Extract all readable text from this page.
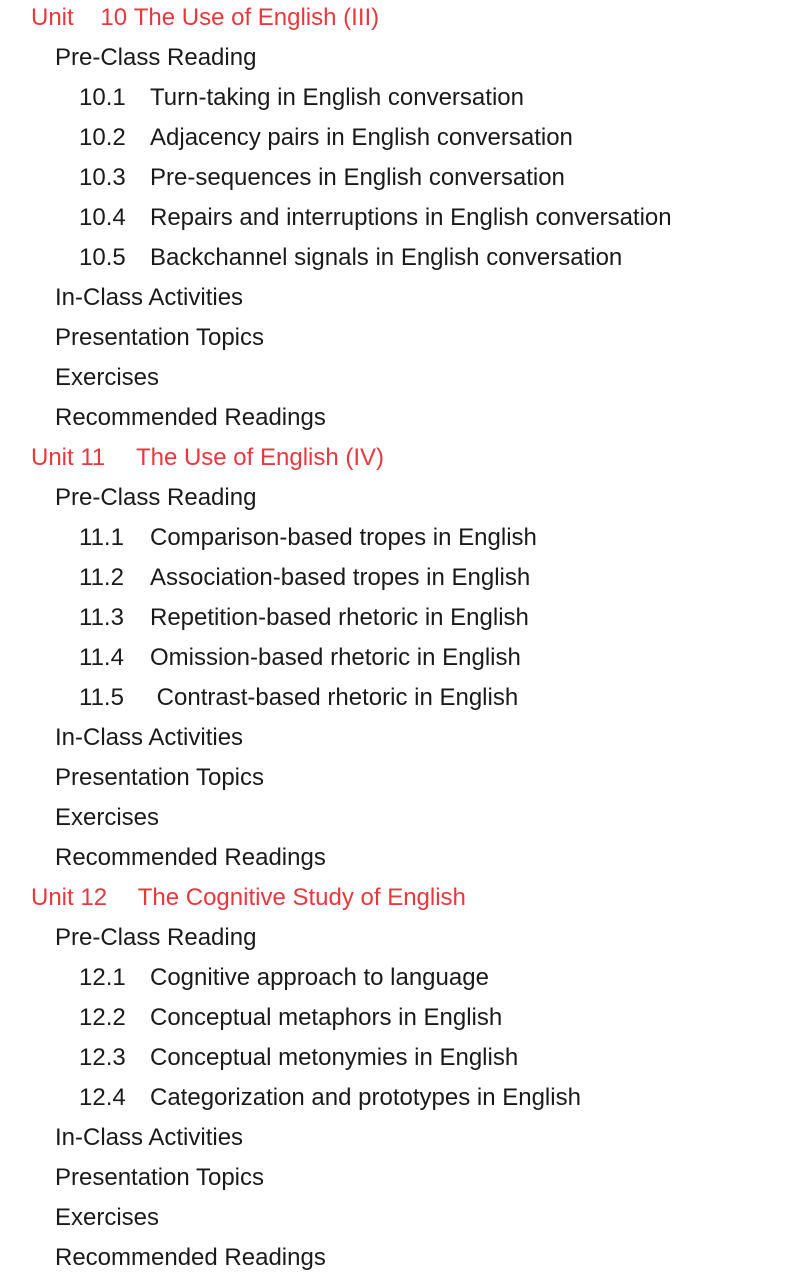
Unit    10 The Use of English (III)
Pre-Class Reading
10.1 Turn-taking in English conversation
10.2 Adjacency pairs in English conversation
10.3 Pre-sequences in English conversation
10.4 Repairs and interruptions in English conversation
10.5 Backchannel signals in English conversation
In-Class Activities
Presentation Topics
Exercises
Recommended Readings
Unit 11 The Use of English (IV)
Pre-Class Reading
11.1 Comparison-based tropes in English
11.2 Association-based tropes in English
11.3 Repetition-based rhetoric in English
11.4 Omission-based rhetoric in English
11.5 Contrast-based rhetoric in English
In-Class Activities
Presentation Topics
Exercises
Recommended Readings
Unit 12 The Cognitive Study of English
Pre-Class Reading
12.1 Cognitive approach to language
12.2 Conceptual metaphors in English
12.3 Conceptual metonymies in English
12.4 Categorization and prototypes in English
In-Class Activities
Presentation Topics
Exercises
Recommended Readings
